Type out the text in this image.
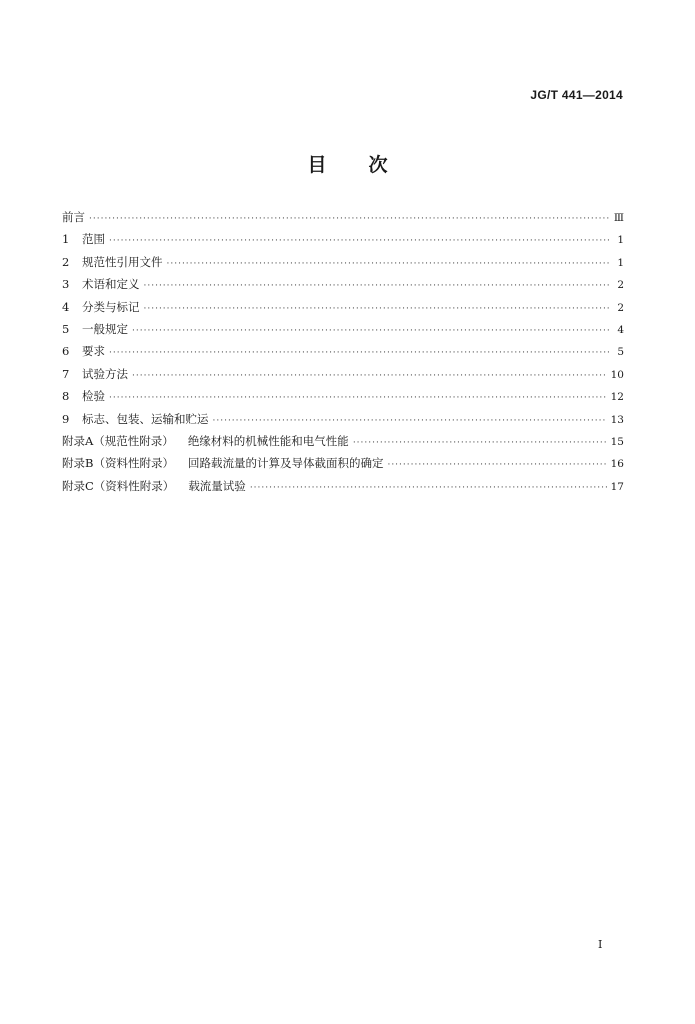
JG/T 441—2014
目次
前言 ·····	Ⅲ
1	范围 ·····	1
2	规范性引用文件 ·····	1
3	术语和定义 ·····	2
4	分类与标记 ·····	2
5	一般规定 ·····	4
6	要求 ·····	5
7	试验方法 ·····	10
8	检验 ·····	12
9	标志、包装、运输和贮运 ·····	13
附录A（规范性附录） 绝缘材料的机械性能和电气性能 ·····	15
附录B（资料性附录） 回路载流量的计算及导体截面积的确定 ·····	16
附录C（资料性附录） 载流量试验 ·····	17
I
